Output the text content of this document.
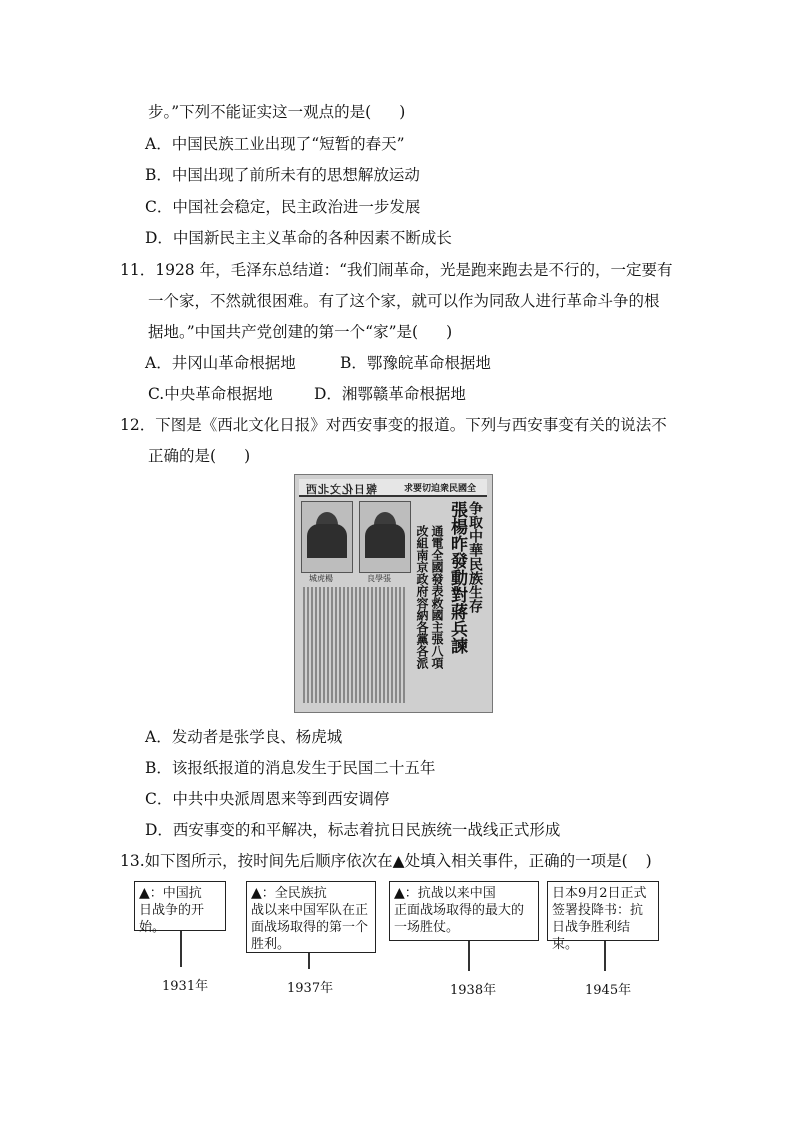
步。”下列不能证实这一观点的是( )
A．中国民族工业出现了“短暂的春天”
B．中国出现了前所未有的思想解放运动
C．中国社会稳定，民主政治进一步发展
D．中国新民主主义革命的各种因素不断成长
11．1928 年，毛泽东总结道：“我们闹革命，光是跑来跑去是不行的，一定要有
一个家，不然就很困难。有了这个家，就可以作为同敌人进行革命斗争的根
据地。”中国共产党创建的第一个“家”是( )
A．井冈山革命根据地	B．鄂豫皖革命根据地
C.中央革命根据地	D．湘鄂赣革命根据地
12．下图是《西北文化日报》对西安事变的报道。下列与西安事变有关的说法不
正确的是( )
報日化文北西	求要切迫衆民國全
城虎楊	良學張	争取中華民族生存
張楊昨發動對蔣兵諫
通電全國發表救國主張八項
改組南京政府容納各黨各派
A．发动者是张学良、杨虎城
B．该报纸报道的消息发生于民国二十五年
C．中共中央派周恩来等到西安调停
D．西安事变的和平解决，标志着抗日民族统一战线正式形成
13.如下图所示，按时间先后顺序依次在▲处填入相关事件，正确的一项是( )
▲：中国抗
日战争的开始。
▲：全民族抗
战以来中国军队在正
面战场取得的第一个
胜利。
▲：抗战以来中国
正面战场取得的最大的
一场胜仗。
日本9月2日正式
签署投降书：抗
日战争胜利结束。
1931年	1937年	1938年	1945年
